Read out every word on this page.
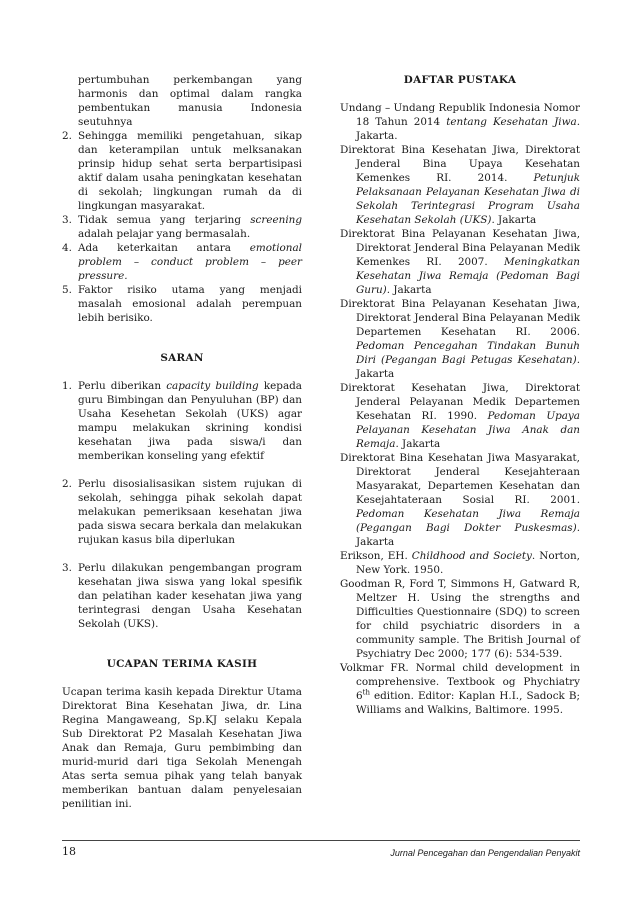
pertumbuhan perkembangan yang harmonis dan optimal dalam rangka pembentukan manusia Indonesia seutuhnya
2. Sehingga memiliki pengetahuan, sikap dan keterampilan untuk melksanakan prinsip hidup sehat serta berpartisipasi aktif dalam usaha peningkatan kesehatan di sekolah; lingkungan rumah da di lingkungan masyarakat.
3. Tidak semua yang terjaring screening adalah pelajar yang bermasalah.
4. Ada keterkaitan antara emotional problem – conduct problem – peer pressure.
5. Faktor risiko utama yang menjadi masalah emosional adalah perempuan lebih berisiko.
SARAN
1. Perlu diberikan capacity building kepada guru Bimbingan dan Penyuluhan (BP) dan Usaha Kesehetan Sekolah (UKS) agar mampu melakukan skrining kondisi kesehatan jiwa pada siswa/i dan memberikan konseling yang efektif
2. Perlu disosialisasikan sistem rujukan di sekolah, sehingga pihak sekolah dapat melakukan pemeriksaan kesehatan jiwa pada siswa secara berkala dan melakukan rujukan kasus bila diperlukan
3. Perlu dilakukan pengembangan program kesehatan jiwa siswa yang lokal spesifik dan pelatihan kader kesehatan jiwa yang terintegrasi dengan Usaha Kesehatan Sekolah (UKS).
UCAPAN TERIMA KASIH
Ucapan terima kasih kepada Direktur Utama Direktorat Bina Kesehatan Jiwa, dr. Lina Regina Mangaweang, Sp.KJ selaku Kepala Sub Direktorat P2 Masalah Kesehatan Jiwa Anak dan Remaja, Guru pembimbing dan murid-murid dari tiga Sekolah Menengah Atas serta semua pihak yang telah banyak memberikan bantuan dalam penyelesaian penilitian ini.
DAFTAR PUSTAKA
Undang – Undang Republik Indonesia Nomor 18 Tahun 2014 tentang Kesehatan Jiwa. Jakarta.
Direktorat Bina Kesehatan Jiwa, Direktorat Jenderal Bina Upaya Kesehatan Kemenkes RI. 2014. Petunjuk Pelaksanaan Pelayanan Kesehatan Jiwa di Sekolah Terintegrasi Program Usaha Kesehatan Sekolah (UKS). Jakarta
Direktorat Bina Pelayanan Kesehatan Jiwa, Direktorat Jenderal Bina Pelayanan Medik Kemenkes RI. 2007. Meningkatkan Kesehatan Jiwa Remaja (Pedoman Bagi Guru). Jakarta
Direktorat Bina Pelayanan Kesehatan Jiwa, Direktorat Jenderal Bina Pelayanan Medik Departemen Kesehatan RI. 2006. Pedoman Pencegahan Tindakan Bunuh Diri (Pegangan Bagi Petugas Kesehatan). Jakarta
Direktorat Kesehatan Jiwa, Direktorat Jenderal Pelayanan Medik Departemen Kesehatan RI. 1990. Pedoman Upaya Pelayanan Kesehatan Jiwa Anak dan Remaja. Jakarta
Direktorat Bina Kesehatan Jiwa Masyarakat, Direktorat Jenderal Kesejahteraan Masyarakat, Departemen Kesehatan dan Kesejahtateraan Sosial RI. 2001. Pedoman Kesehatan Jiwa Remaja (Pegangan Bagi Dokter Puskesmas). Jakarta
Erikson, EH. Childhood and Society. Norton, New York. 1950.
Goodman R, Ford T, Simmons H, Gatward R, Meltzer H. Using the strengths and Difficulties Questionnaire (SDQ) to screen for child psychiatric disorders in a community sample. The British Journal of Psychiatry Dec 2000; 177 (6): 534-539.
Volkmar FR. Normal child development in comprehensive. Textbook og Phychiatry 6th edition. Editor: Kaplan H.I., Sadock B; Williams and Walkins, Baltimore. 1995.
18	Jurnal Pencegahan dan Pengendalian Penyakit
